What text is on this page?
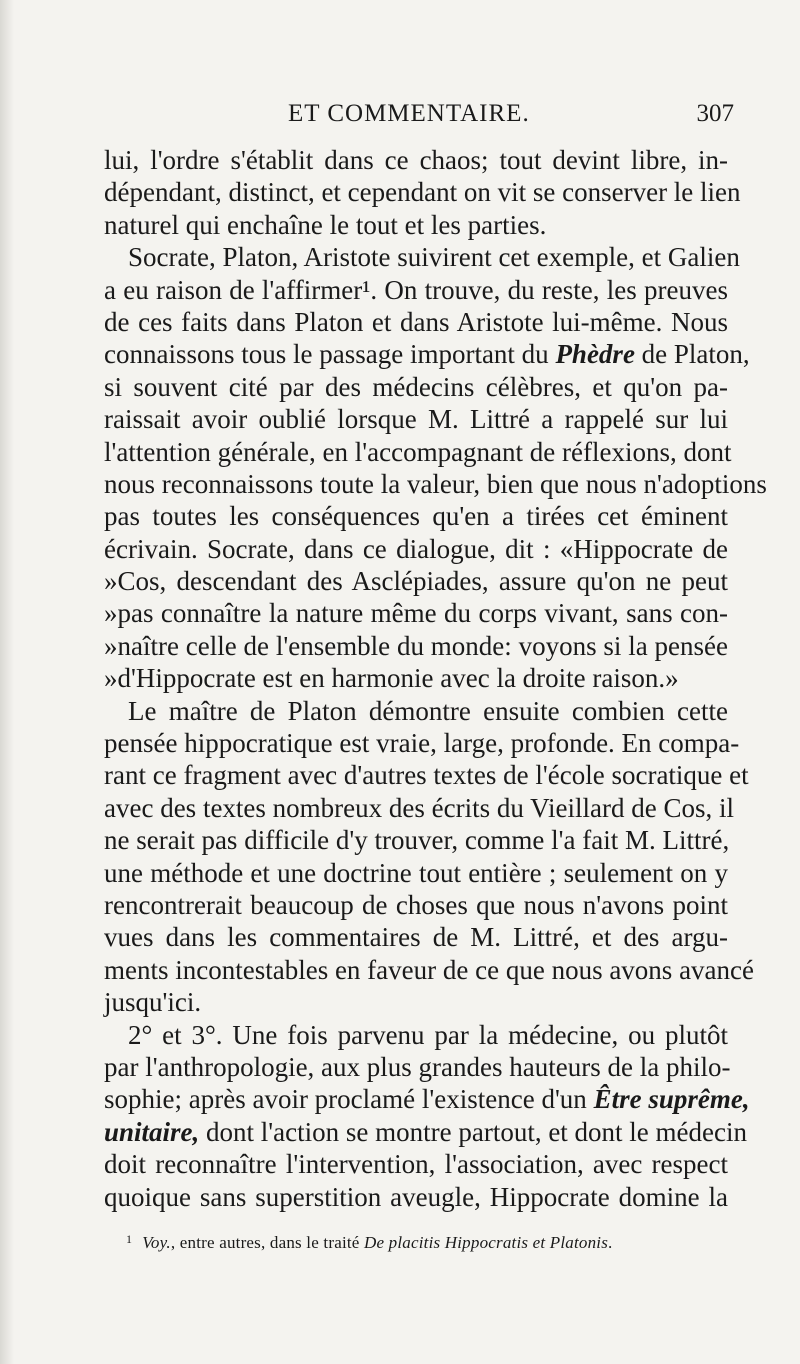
ET COMMENTAIRE.	307
lui, l'ordre s'établit dans ce chaos; tout devint libre, in-
dépendant, distinct, et cependant on vit se conserver le lien
naturel qui enchaîne le tout et les parties.
Socrate, Platon, Aristote suivirent cet exemple, et Galien
a eu raison de l'affirmer¹. On trouve, du reste, les preuves
de ces faits dans Platon et dans Aristote lui-même. Nous
connaissons tous le passage important du Phèdre de Platon,
si souvent cité par des médecins célèbres, et qu'on pa-
raissait avoir oublié lorsque M. Littré a rappelé sur lui
l'attention générale, en l'accompagnant de réflexions, dont
nous reconnaissons toute la valeur, bien que nous n'adoptions
pas toutes les conséquences qu'en a tirées cet éminent
écrivain. Socrate, dans ce dialogue, dit : «Hippocrate de
»Cos, descendant des Asclépiades, assure qu'on ne peut
»pas connaître la nature même du corps vivant, sans con-
»naître celle de l'ensemble du monde: voyons si la pensée
»d'Hippocrate est en harmonie avec la droite raison.»
Le maître de Platon démontre ensuite combien cette
pensée hippocratique est vraie, large, profonde. En compa-
rant ce fragment avec d'autres textes de l'école socratique et
avec des textes nombreux des écrits du Vieillard de Cos, il
ne serait pas difficile d'y trouver, comme l'a fait M. Littré,
une méthode et une doctrine tout entière ; seulement on y
rencontrerait beaucoup de choses que nous n'avons point
vues dans les commentaires de M. Littré, et des argu-
ments incontestables en faveur de ce que nous avons avancé
jusqu'ici.
2° et 3°. Une fois parvenu par la médecine, ou plutôt
par l'anthropologie, aux plus grandes hauteurs de la philo-
sophie; après avoir proclamé l'existence d'un Être suprême,
unitaire, dont l'action se montre partout, et dont le médecin
doit reconnaître l'intervention, l'association, avec respect
quoique sans superstition aveugle, Hippocrate domine la
$^1$ Voy., entre autres, dans le traité De placitis Hippocratis et Platonis.
